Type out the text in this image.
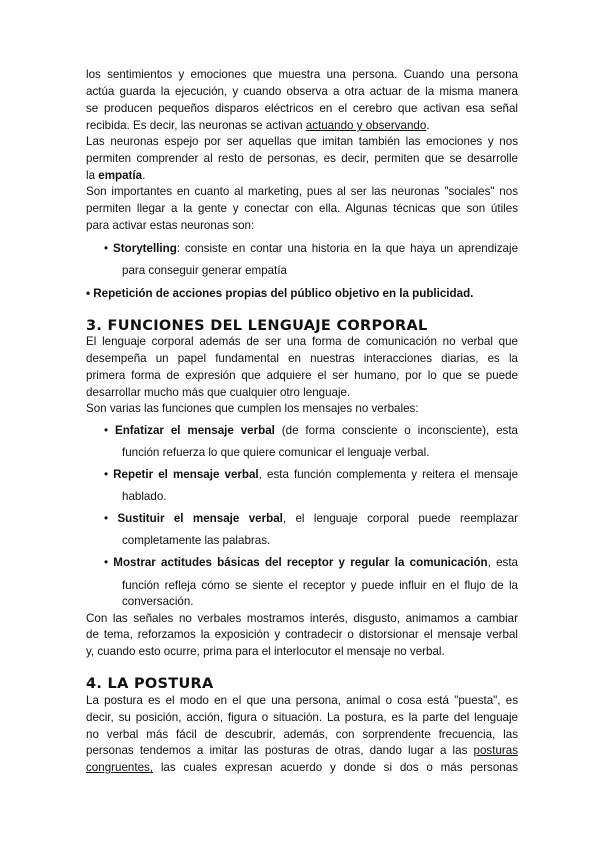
los sentimientos y emociones que muestra una persona. Cuando una persona
actúa guarda la ejecución, y cuando observa a otra actuar de la misma manera
se producen pequeños disparos eléctricos en el cerebro que activan esa señal
recibida. Es decir, las neuronas se activan actuando y observando.
Las neuronas espejo por ser aquellas que imitan también las emociones y nos
permiten comprender al resto de personas, es decir, permiten que se desarrolle
la empatía.
Son importantes en cuanto al marketing, pues al ser las neuronas "sociales" nos
permiten llegar a la gente y conectar con ella. Algunas técnicas que son útiles
para activar estas neuronas son:
• Storytelling: consiste en contar una historia en la que haya un aprendizaje
para conseguir generar empatía
• Repetición de acciones propias del público objetivo en la publicidad.
3. FUNCIONES DEL LENGUAJE CORPORAL
El lenguaje corporal además de ser una forma de comunicación no verbal que
desempeña un papel fundamental en nuestras interacciones diarias, es la
primera forma de expresión que adquiere el ser humano, por lo que se puede
desarrollar mucho más que cualquier otro lenguaje.
Son varias las funciones que cumplen los mensajes no verbales:
• Enfatizar el mensaje verbal (de forma consciente o inconsciente), esta
función refuerza lo que quiere comunicar el lenguaje verbal.
• Repetir el mensaje verbal, esta función complementa y reitera el mensaje
hablado.
• Sustituir el mensaje verbal, el lenguaje corporal puede reemplazar
completamente las palabras.
• Mostrar actitudes básicas del receptor y regular la comunicación, esta
función refleja cómo se siente el receptor y puede influir en el flujo de la
conversación.
Con las señales no verbales mostramos interés, disgusto, animamos a cambiar
de tema, reforzamos la exposición y contradecir o distorsionar el mensaje verbal
y, cuando esto ocurre, prima para el interlocutor el mensaje no verbal.
4. LA POSTURA
La postura es el modo en el que una persona, animal o cosa está "puesta", es
decir, su posición, acción, figura o situación. La postura, es la parte del lenguaje
no verbal más fácil de descubrir, además, con sorprendente frecuencia, las
personas tendemos a imitar las posturas de otras, dando lugar a las posturas
congruentes, las cuales expresan acuerdo y donde si dos o más personas
